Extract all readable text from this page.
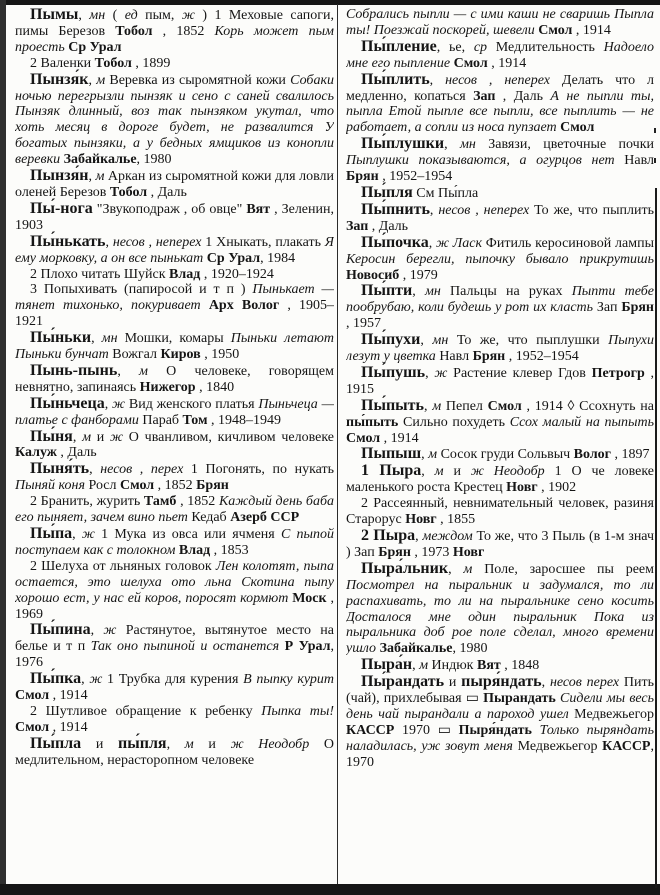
Пымы́, мн ( ед пым, ж ) 1 Меховые сапоги, пимы Березов Тобол , 1852 Корь может пым проесть Ср Урал

2 Валенки Тобол , 1899

Пынзя́к, м Веревка из сыромятной кожи Собаки ночью перегрызли пынзяк и сено с саней свалилось Пынзяк длинный, воз так пынзяком укутал, что хоть месяц в дороге будет, не развалится У богатых пынзяки, а у бедных ямщиков из конопли веревки Забайкалье, 1980

Пынзя́н, м Аркан из сыромятной кожи для ловли оленей Березов Тобол , Даль

Пы́-нога "Звукоподраж , об овце" Вят , Зеленин, 1903

Пы́нькать, несов , неперех 1 Хныкать, плакать Я ему морковку, а он все пынькат Ср Урал, 1984

2 Плохо читать Шуйск Влад , 1920–1924

3 Попыхивать (папиросой и т п ) Пынькает — тянет тихонько, покуривает Арх Волог , 1905–1921

Пы́ньки, мн Мошки, комары Пыньки летают Пыньки бунчат Вожгал Киров , 1950

Пынь-пынь, м О человеке, говорящем невнятно, запинаясь Нижегор , 1840

Пы́ньчеца, ж Вид женского платья Пыньчеца — платье с фанборами Параб Том , 1948–1949

Пы́ня, м и ж О чванливом, кичливом человеке Калуж , Даль

Пыня́ть, несов , перех 1 Погонять, по нукать Пыняй коня Росл Смол , 1852 Брян

2 Бранить, журить Тамб , 1852 Каждый день баба его пыняет, зачем вино пьет Кедаб Азерб ССР

Пы́па, ж 1 Мука из овса или ячменя С пыпой поступаем как с толокном Влад , 1853

2 Шелуха от льняных головок Лен колотят, пыпа остается, это шелуха ото льна Скотина пыпу хорошо ест, у нас ей коров, поросят кормют Моск , 1969

Пы́пина, ж Растянутое, вытянутое место на белье и т п Так оно пыпиной и останется Р Урал, 1976

Пы́пка, ж 1 Трубка для курения В пыпку курит Смол , 1914

2 Шутливое обращение к ребенку Пыпка ты! Смол , 1914

Пы́пла и пы́пля, м и ж Неодобр О медлительном, нерасторопном человеке

Собрались пыпли — с ими каши не сваришь Пыпла ты! Поезжай поскорей, шевели Смол , 1914

Пы́пление, ье, ср Медлительность Надоело мне его пыпление Смол , 1914

Пы́плить, несов , неперех Делать что л медленно, копаться Зап , Даль А не пыпли ты, пыпла Етой пыпле все пыпли, все пыплить — не работает, а сопли из носа пупзает Смол

Пы́плушки, мн Завязи, цветочные почки Пыплушки показываются, а огурцов нет Навл Брян , 1952–1954

Пы́пля См Пы́пла

Пы́пнить, несов , неперех То же, что пыплить Зап , Даль

Пы́почка, ж Ласк Фитиль керосиновой лампы Керосин берегли, пыпочку бывало прикрутишь Новосиб , 1979

Пы́пти, мн Пальцы на руках Пыпти тебе пообрубаю, коли будешь у рот их класть Зап Брян , 1957

Пы́пухи, мн То же, что пыплушки Пыпухи лезут у цветка Навл Брян , 1952–1954

Пы́пушь, ж Растение клевер Гдов Петрогр , 1915

Пы́пыть, м Пепел Смол , 1914 ◊ Ссохнуть на пы́пыть Сильно похудеть Ссох малый на пыпыть Смол , 1914

Пыпыш, м Сосок груди Сольвыч Волог , 1897

1 Пыра, м и ж Неодобр 1 О че ловеке маленького роста Крестец Новг , 1902

2 Рассеянный, невнимательный человек, разиня Старорус Новг , 1855

2 Пыра, междом То же, что 3 Пыль (в 1-м знач ) Зап Брян , 1973 Новг

Пыра́льник, м Поле, заросшее пы реем Посмотрел на пыральник и задумался, то ли распахивать, то ли на пыральнике сено косить Досталося мне один пыральник Пока из пыральника доб рое поле сделал, много времени ушло Забайкалье, 1980

Пыра́н, м Индюк Вят , 1848

Пы́рандать и пыря́ндать, несов перех Пить (чай), прихлебывая ▭ Пырандать Сидели мы весь день чай пырандали а пароход ушел Медвежьегор КАССР 1970 ▭ Пыря́ндать Только пыряндать наладилась, уж зовут меня Медвежьегор КАССР, 1970
